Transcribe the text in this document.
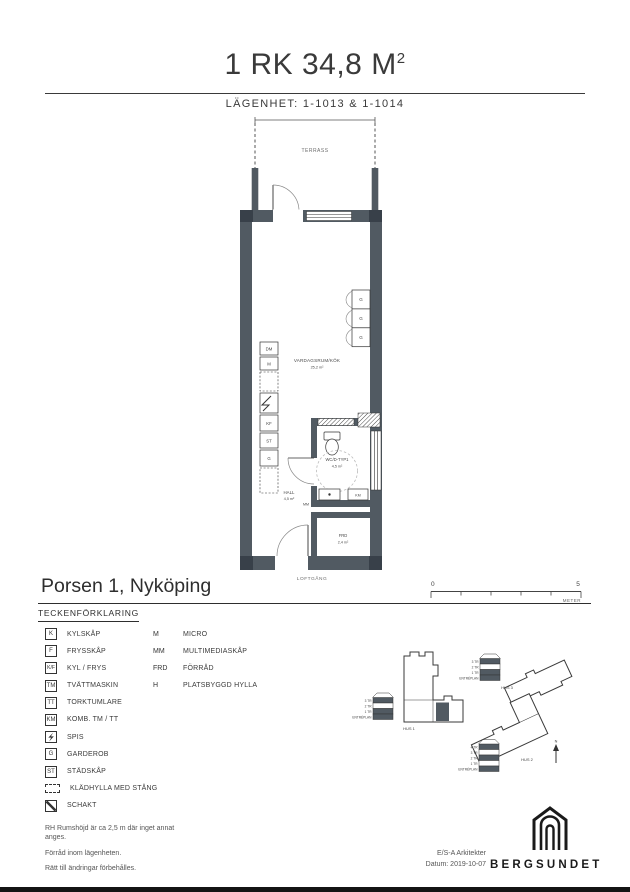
1 RK 34,8 $M^2$
LÄGENHET: 1-1013 & 1-1014
TERRASS
G
G
G
DM
M
KF
ST
G
VARDAGSRUM/KÖK
25,2 m²
WC/D-TYP1
4,5 m²
KM
HALL
4,5 m²
MM
FRD
2,4 m²
LOFTGÅNG
Porsen 1, Nyköping	0	5
METER
TECKENFÖRKLARING
K	KYLSKÅP
F	FRYSSKÅP
K/F	KYL / FRYS
TM TVÄTTMASKIN
TT	TORKTUMLARE
KM KOMB. TM / TT
SPIS
G	GARDEROB
ST	STÄDSKÅP
KLÄDHYLLA MED STÅNG
SCHAKT
M	MICRO
MM	MULTIMEDIASKÅP
FRD	FÖRRÅD
H	PLATSBYGGD HYLLA
HUS 1
3 TR
2 TR
1 TR
ENTRÉPLAN
HUS 3
3 TR
2 TR
1 TR
ENTRÉPLAN
HUS 2
4 TR
3 TR
2 TR
1 TR
ENTRÉPLAN
N

RH Rumshöjd är ca 2,5 m där inget annat anges.

Förråd inom lägenheten.

Rätt till ändringar förbehålles.

E/S-A Arkitekter
Datum: 2019-10-07 BERGSUNDET
